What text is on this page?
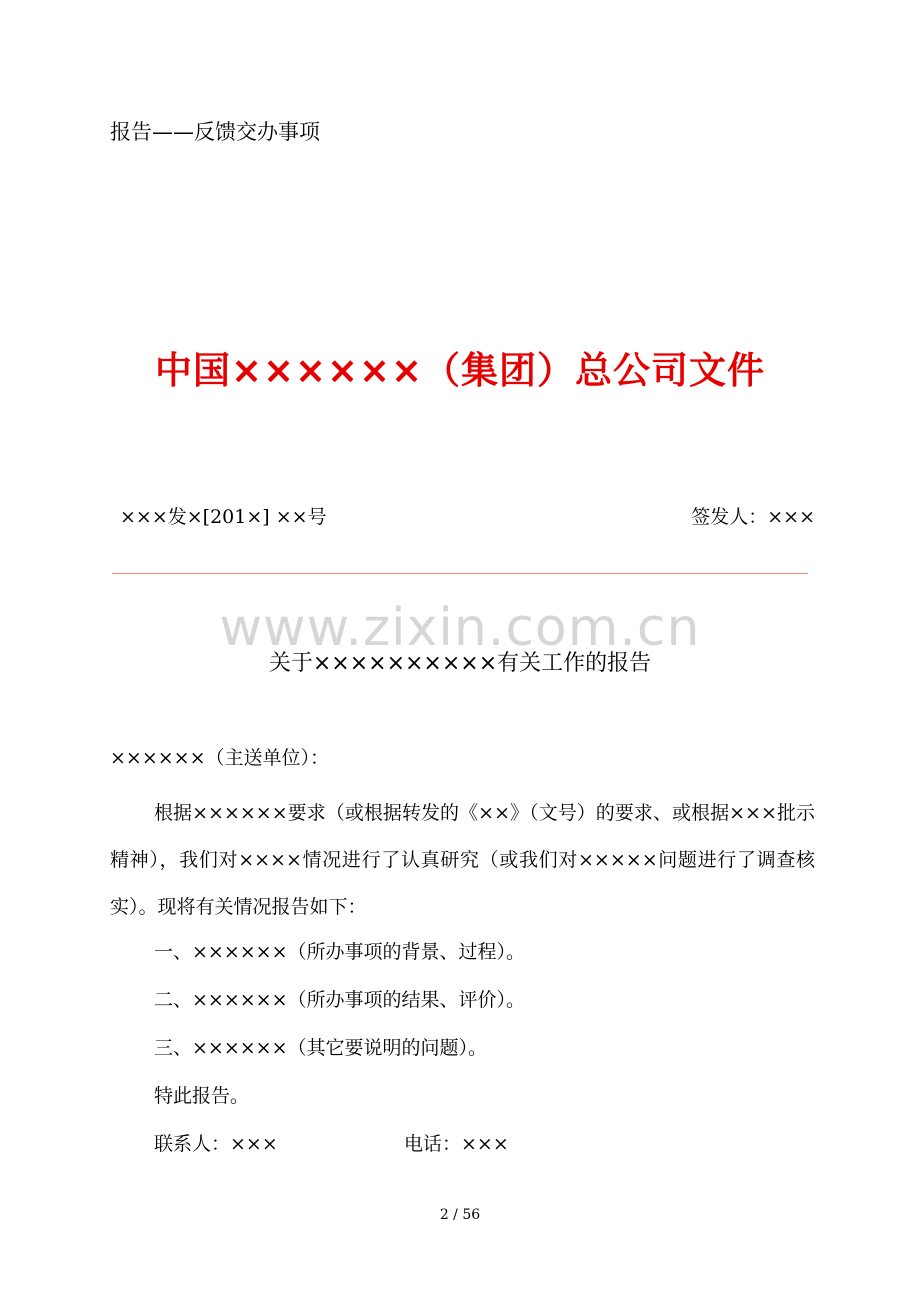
报告——反馈交办事项
中国××××××（集团）总公司文件
×××发×[201×] ××号	签发人：×××
www.zixin.com.cn
关于××××××××××有关工作的报告
××××××（主送单位）：
根据××××××要求（或根据转发的《××》（文号）的要求、或根据×××批示精神），我们对××××情况进行了认真研究（或我们对×××××问题进行了调查核实）。现将有关情况报告如下：
一、××××××（所办事项的背景、过程）。
二、××××××（所办事项的结果、评价）。
三、××××××（其它要说明的问题）。
特此报告。
联系人：×××	电话：×××
2 / 56
